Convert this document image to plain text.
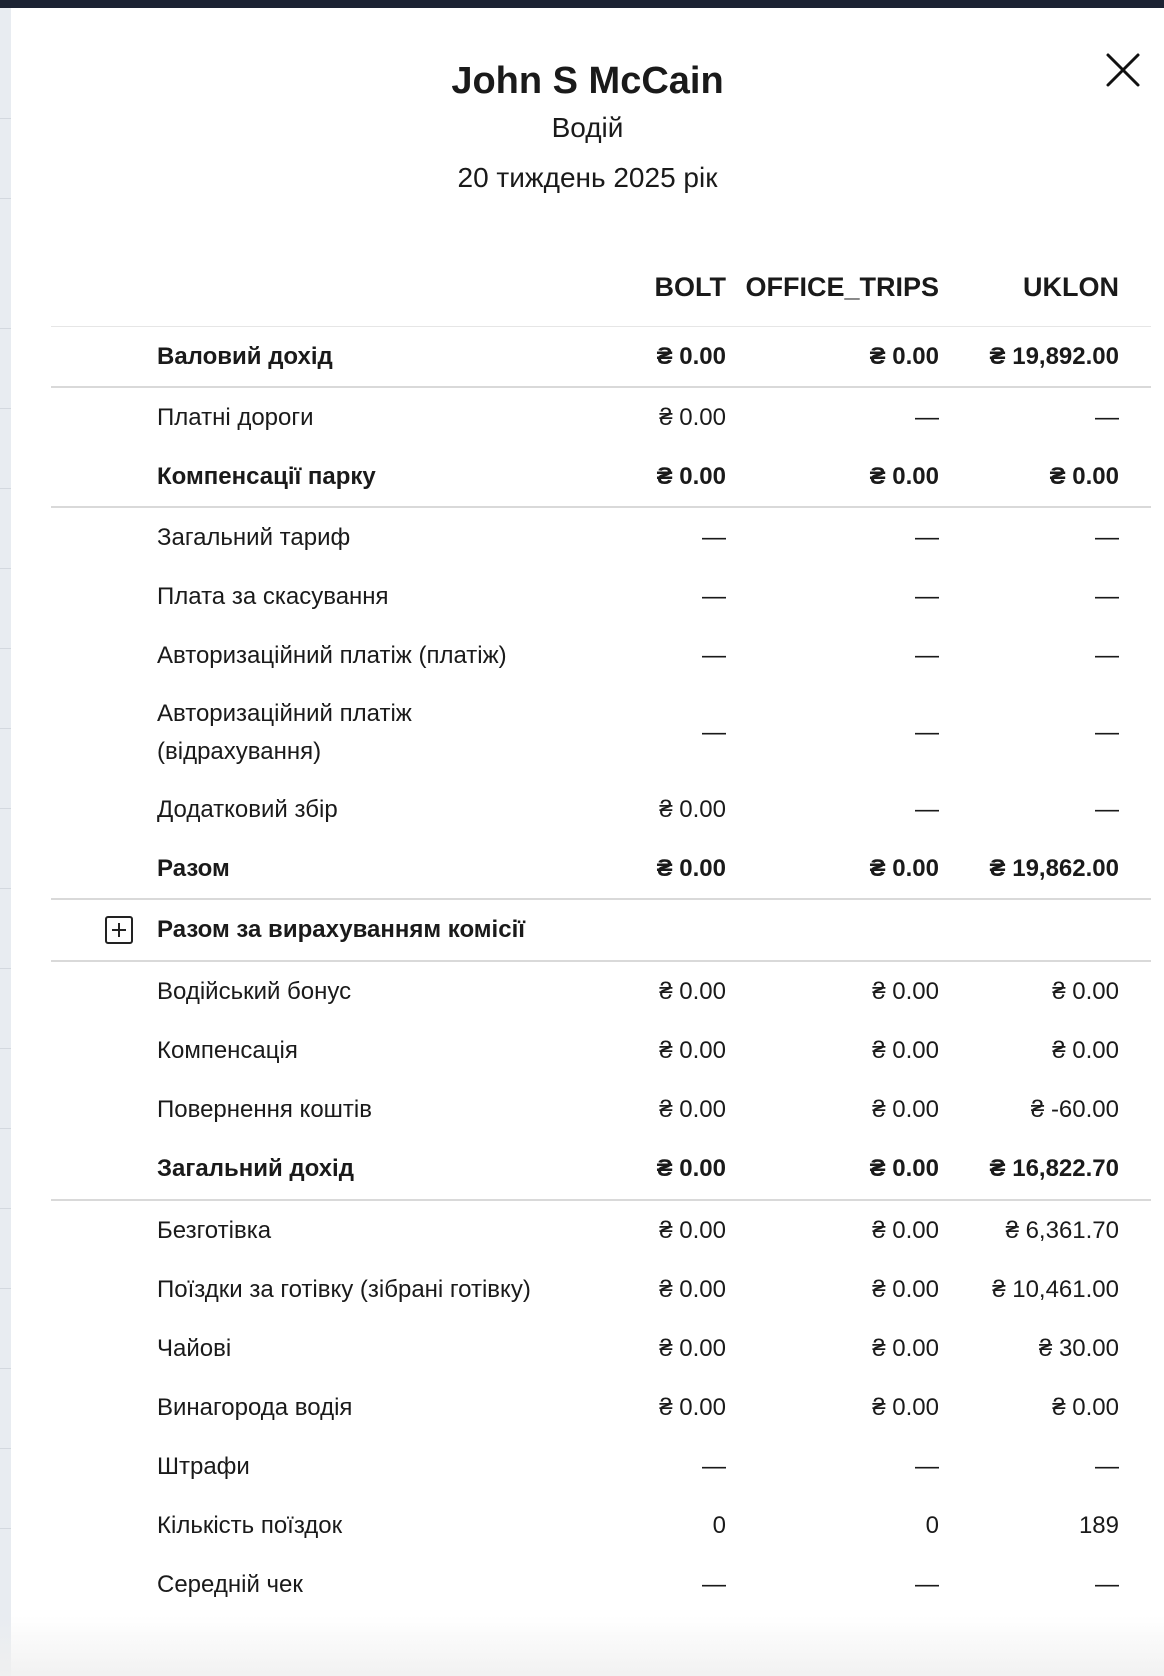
John S McCain
Водій
20 тиждень 2025 рік
BOLT OFFICE_TRIPS	UKLON
Валовий дохід	₴ 0.00	₴ 0.00	₴ 19,892.00
Платні дороги	₴ 0.00	—	—
Компенсації парку	₴ 0.00	₴ 0.00	₴ 0.00
Загальний тариф	—	—	—
Плата за скасування	—	—	—
Авторизаційний платіж (платіж)	—	—	—
Авторизаційний платіж
(відрахування)
—	—	—
Додатковий збір	₴ 0.00	—	—
Разом	₴ 0.00	₴ 0.00	₴ 19,862.00
Разом за вирахуванням комісії
Водійський бонус	₴ 0.00	₴ 0.00	₴ 0.00
Компенсація	₴ 0.00	₴ 0.00	₴ 0.00
Повернення коштів	₴ 0.00	₴ 0.00	₴ -60.00
Загальний дохід	₴ 0.00	₴ 0.00	₴ 16,822.70
Безготівка	₴ 0.00	₴ 0.00	₴ 6,361.70
Поїздки за готівку (зібрані готівку)	₴ 0.00	₴ 0.00	₴ 10,461.00
Чайові	₴ 0.00	₴ 0.00	₴ 30.00
Винагорода водія	₴ 0.00	₴ 0.00	₴ 0.00
Штрафи	—	—	—
Кількість поїздок	0	0	189
Середній чек	—	—	—
